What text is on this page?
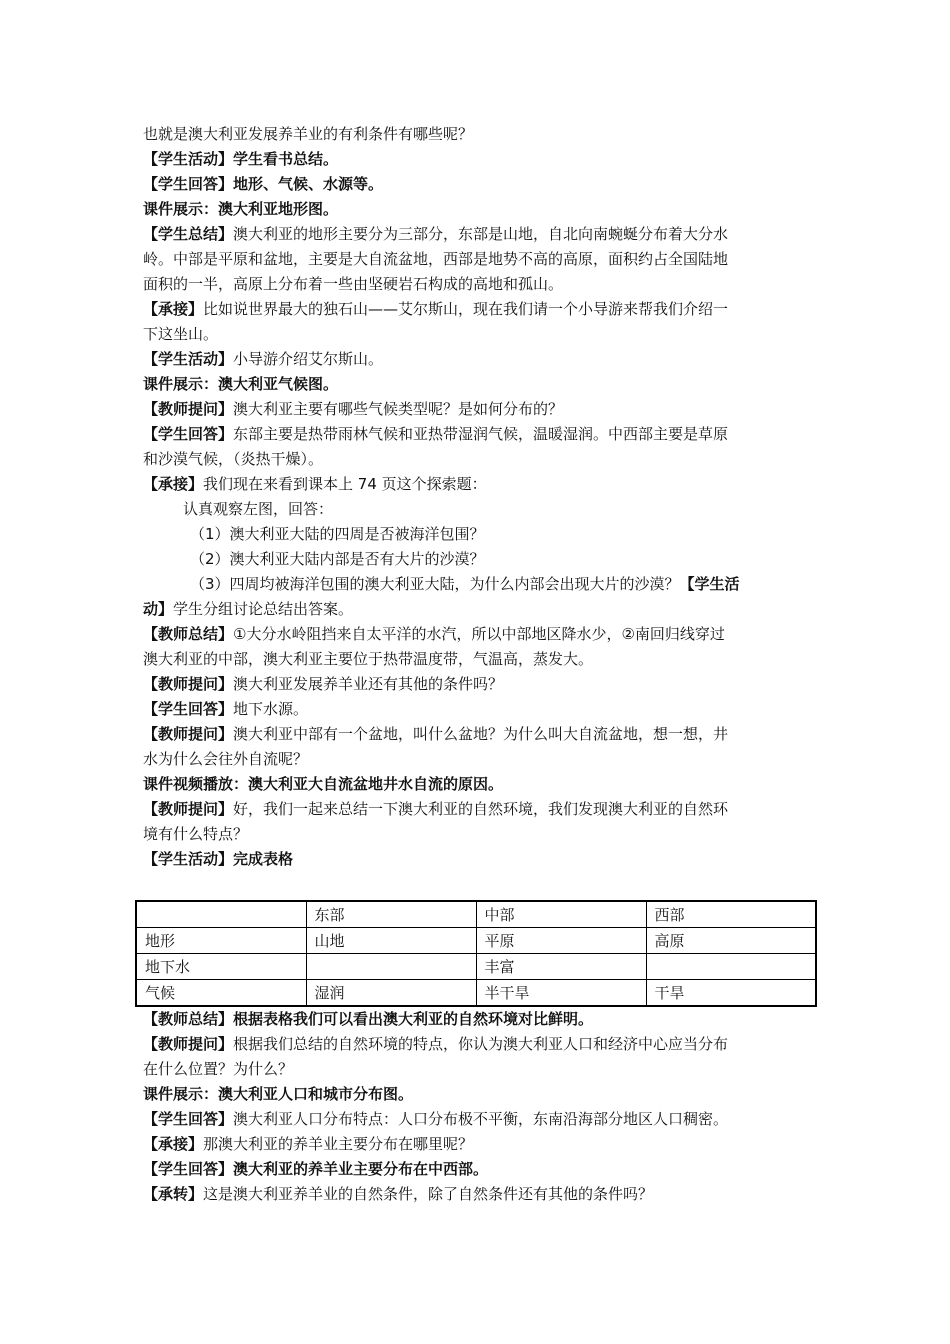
也就是澳大利亚发展养羊业的有利条件有哪些呢？
【学生活动】学生看书总结。
【学生回答】地形、气候、水源等。
课件展示：澳大利亚地形图。
【学生总结】澳大利亚的地形主要分为三部分，东部是山地，自北向南蜿蜒分布着大分水
岭。中部是平原和盆地，主要是大自流盆地，西部是地势不高的高原，面积约占全国陆地
面积的一半，高原上分布着一些由坚硬岩石构成的高地和孤山。
【承接】比如说世界最大的独石山——艾尔斯山，现在我们请一个小导游来帮我们介绍一
下这坐山。
【学生活动】小导游介绍艾尔斯山。
课件展示：澳大利亚气候图。
【教师提问】澳大利亚主要有哪些气候类型呢？是如何分布的？
【学生回答】东部主要是热带雨林气候和亚热带湿润气候，温暖湿润。中西部主要是草原
和沙漠气候，（炎热干燥）。
【承接】我们现在来看到课本上 74 页这个探索题：
认真观察左图，回答：
（1）澳大利亚大陆的四周是否被海洋包围？
（2）澳大利亚大陆内部是否有大片的沙漠？
（3）四周均被海洋包围的澳大利亚大陆，为什么内部会出现大片的沙漠？【学生活
动】学生分组讨论总结出答案。
【教师总结】①大分水岭阻挡来自太平洋的水汽，所以中部地区降水少，②南回归线穿过
澳大利亚的中部，澳大利亚主要位于热带温度带，气温高，蒸发大。
【教师提问】澳大利亚发展养羊业还有其他的条件吗？
【学生回答】地下水源。
【教师提问】澳大利亚中部有一个盆地，叫什么盆地？为什么叫大自流盆地，想一想，井
水为什么会往外自流呢？
课件视频播放：澳大利亚大自流盆地井水自流的原因。
【教师提问】好，我们一起来总结一下澳大利亚的自然环境，我们发现澳大利亚的自然环
境有什么特点？
【学生活动】完成表格
	东部	中部	西部
地形	山地	平原	高原
地下水		丰富	
气候	湿润	半干旱	干旱
【教师总结】根据表格我们可以看出澳大利亚的自然环境对比鲜明。
【教师提问】根据我们总结的自然环境的特点，你认为澳大利亚人口和经济中心应当分布
在什么位置？为什么？
课件展示：澳大利亚人口和城市分布图。
【学生回答】澳大利亚人口分布特点：人口分布极不平衡，东南沿海部分地区人口稠密。
【承接】那澳大利亚的养羊业主要分布在哪里呢？
【学生回答】澳大利亚的养羊业主要分布在中西部。
【承转】这是澳大利亚养羊业的自然条件，除了自然条件还有其他的条件吗？
